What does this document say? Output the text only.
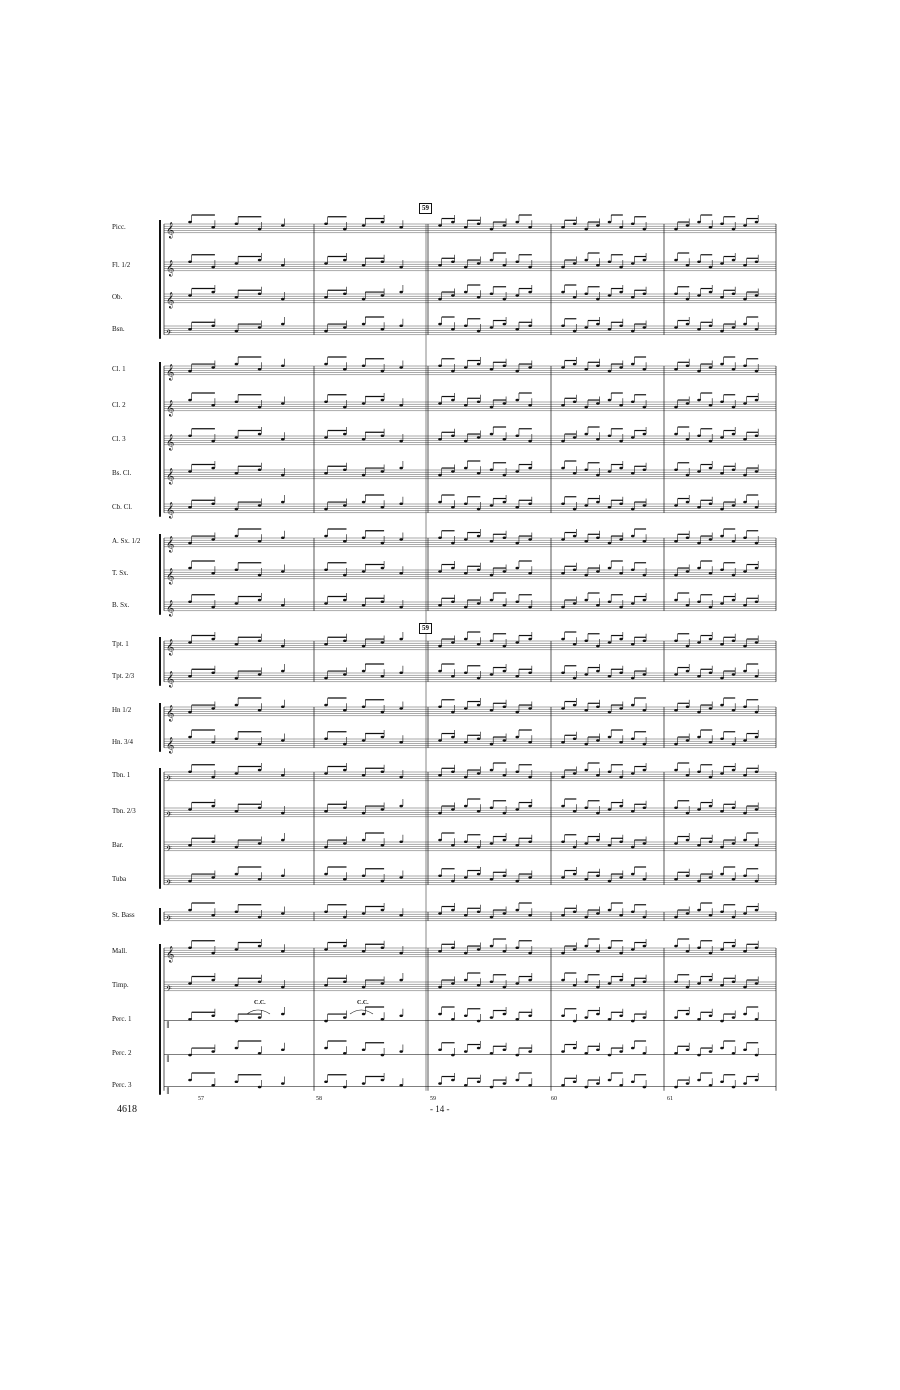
𝄞
𝄞
𝄞
𝄢
𝄞
𝄞
𝄞
𝄞
𝄞
𝄞
𝄞
𝄞
𝄞
𝄞
𝄞
𝄞
𝄢
𝄢
𝄢
𝄢
𝄢
𝄞
𝄢
∥
∥
∥
Picc.
Fl. 1/2
Ob.
Bsn.
Cl. 1
Cl. 2
Cl. 3
Bs. Cl.
Cb. Cl.
A. Sx. 1/2
T. Sx.
B. Sx.
Tpt. 1
Tpt. 2/3
Hn 1/2
Hn. 3/4
Tbn. 1
Tbn. 2/3
Bar.
Tuba
St. Bass
Mall.
Timp.
Perc. 1
Perc. 2
Perc. 3
57	58	59	60	61
59
59
C.C.	C.C.
4618	- 14 -
